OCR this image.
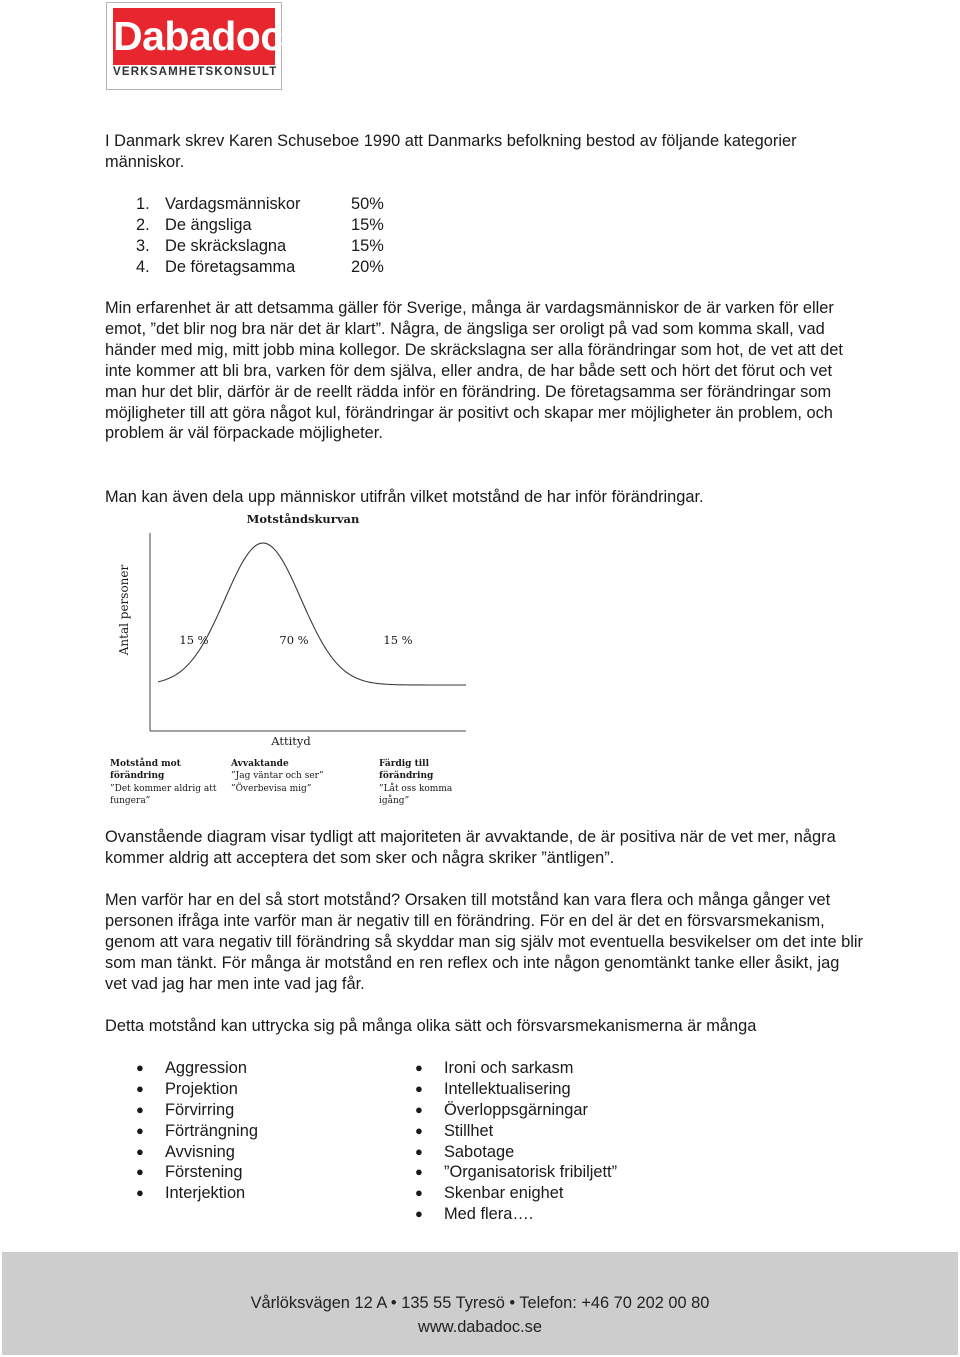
Dabadoc
VERKSAMHETSKONSULT

I Danmark skrev Karen Schuseboe 1990 att Danmarks befolkning bestod av följande kategorier människor.

1. Vardagsmänniskor	50%
2. De ängsliga	15%
3. De skräckslagna	15%
4. De företagsamma	20%

Min erfarenhet är att detsamma gäller för Sverige, många är vardagsmänniskor de är varken för eller emot, ”det blir nog bra när det är klart”. Några, de ängsliga ser oroligt på vad som komma skall, vad händer med mig, mitt jobb mina kollegor. De skräckslagna ser alla förändringar som hot, de vet att det inte kommer att bli bra, varken för dem själva, eller andra, de har både sett och hört det förut och vet man hur det blir, därför är de reellt rädda inför en förändring. De företagsamma ser förändringar som möjligheter till att göra något kul, förändringar är positivt och skapar mer möjligheter än problem, och problem är väl förpackade möjligheter.

Man kan även dela upp människor utifrån vilket motstånd de har inför förändringar.

Motståndskurvan
Antal personer	15 %	70 %	15 %
Attityd
Motstånd mot
förändring
”Det kommer aldrig att
fungera”
Avvaktande
”Jag väntar och ser”
”Överbevisa mig”
Färdig till
förändring
”Låt oss komma
igång”

Ovanstående diagram visar tydligt att majoriteten är avvaktande, de är positiva när de vet mer, några kommer aldrig att acceptera det som sker och några skriker ”äntligen”.

Men varför har en del så stort motstånd? Orsaken till motstånd kan vara flera och många gånger vet personen ifråga inte varför man är negativ till en förändring. För en del är det en försvarsmekanism, genom att vara negativ till förändring så skyddar man sig själv mot eventuella besvikelser om det inte blir som man tänkt. För många är motstånd en ren reflex och inte någon genomtänkt tanke eller åsikt, jag vet vad jag har men inte vad jag får.

Detta motstånd kan uttrycka sig på många olika sätt och försvarsmekanismerna är många

●	Aggression
●	Projektion
●	Förvirring
●	Förträngning
●	Avvisning
●	Förstening
●	Interjektion
●	Ironi och sarkasm
●	Intellektualisering
●	Överloppsgärningar
●	Stillhet
●	Sabotage
●	”Organisatorisk fribiljett”
●	Skenbar enighet
●	Med flera….
Vårlöksvägen 12 A • 135 55 Tyresö • Telefon: +46 70 202 00 80
www.dabadoc.se
